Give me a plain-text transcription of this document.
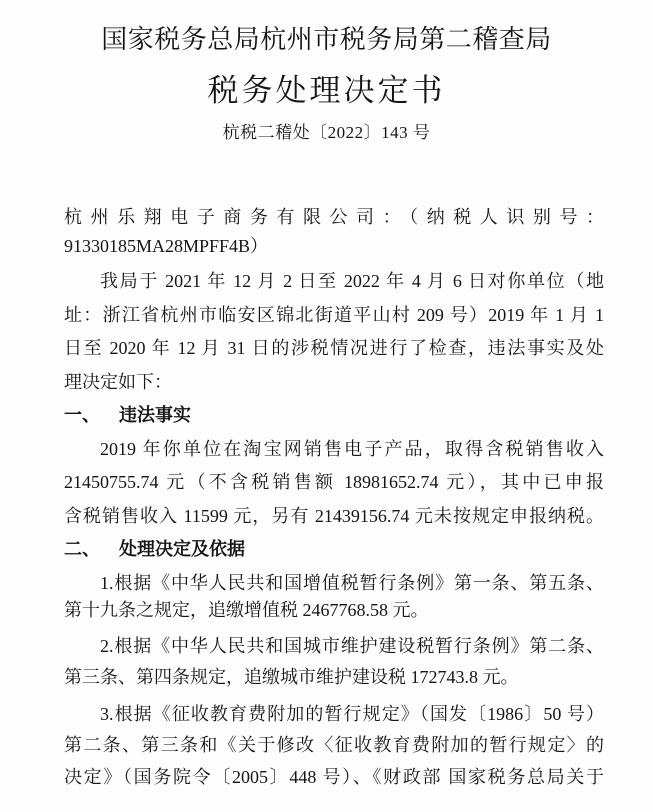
国家税务总局杭州市税务局第二稽查局
税务处理决定书
杭税二稽处〔2022〕143 号
杭州乐翔电子商务有限公司：（纳税人识别号：
91330185MA28MPFF4B）
我局于 2021 年 12 月 2 日至 2022 年 4 月 6 日对你单位（地
址：浙江省杭州市临安区锦北街道平山村 209 号）2019 年 1 月 1
日至 2020 年 12 月 31 日的涉税情况进行了检查，违法事实及处
理决定如下：
一、 违法事实
2019 年你单位在淘宝网销售电子产品，取得含税销售收入
21450755.74 元（不含税销售额 18981652.74 元），其中已申报
含税销售收入 11599 元，另有 21439156.74 元未按规定申报纳税。
二、 处理决定及依据
1.根据《中华人民共和国增值税暂行条例》第一条、第五条、
第十九条之规定，追缴增值税 2467768.58 元。
2.根据《中华人民共和国城市维护建设税暂行条例》第二条、
第三条、第四条规定，追缴城市维护建设税 172743.8 元。
3.根据《征收教育费附加的暂行规定》（国发〔1986〕50 号）
第二条、第三条和《关于修改〈征收教育费附加的暂行规定〉的
决定》（国务院令〔2005〕448 号）、《财政部 国家税务总局关于
